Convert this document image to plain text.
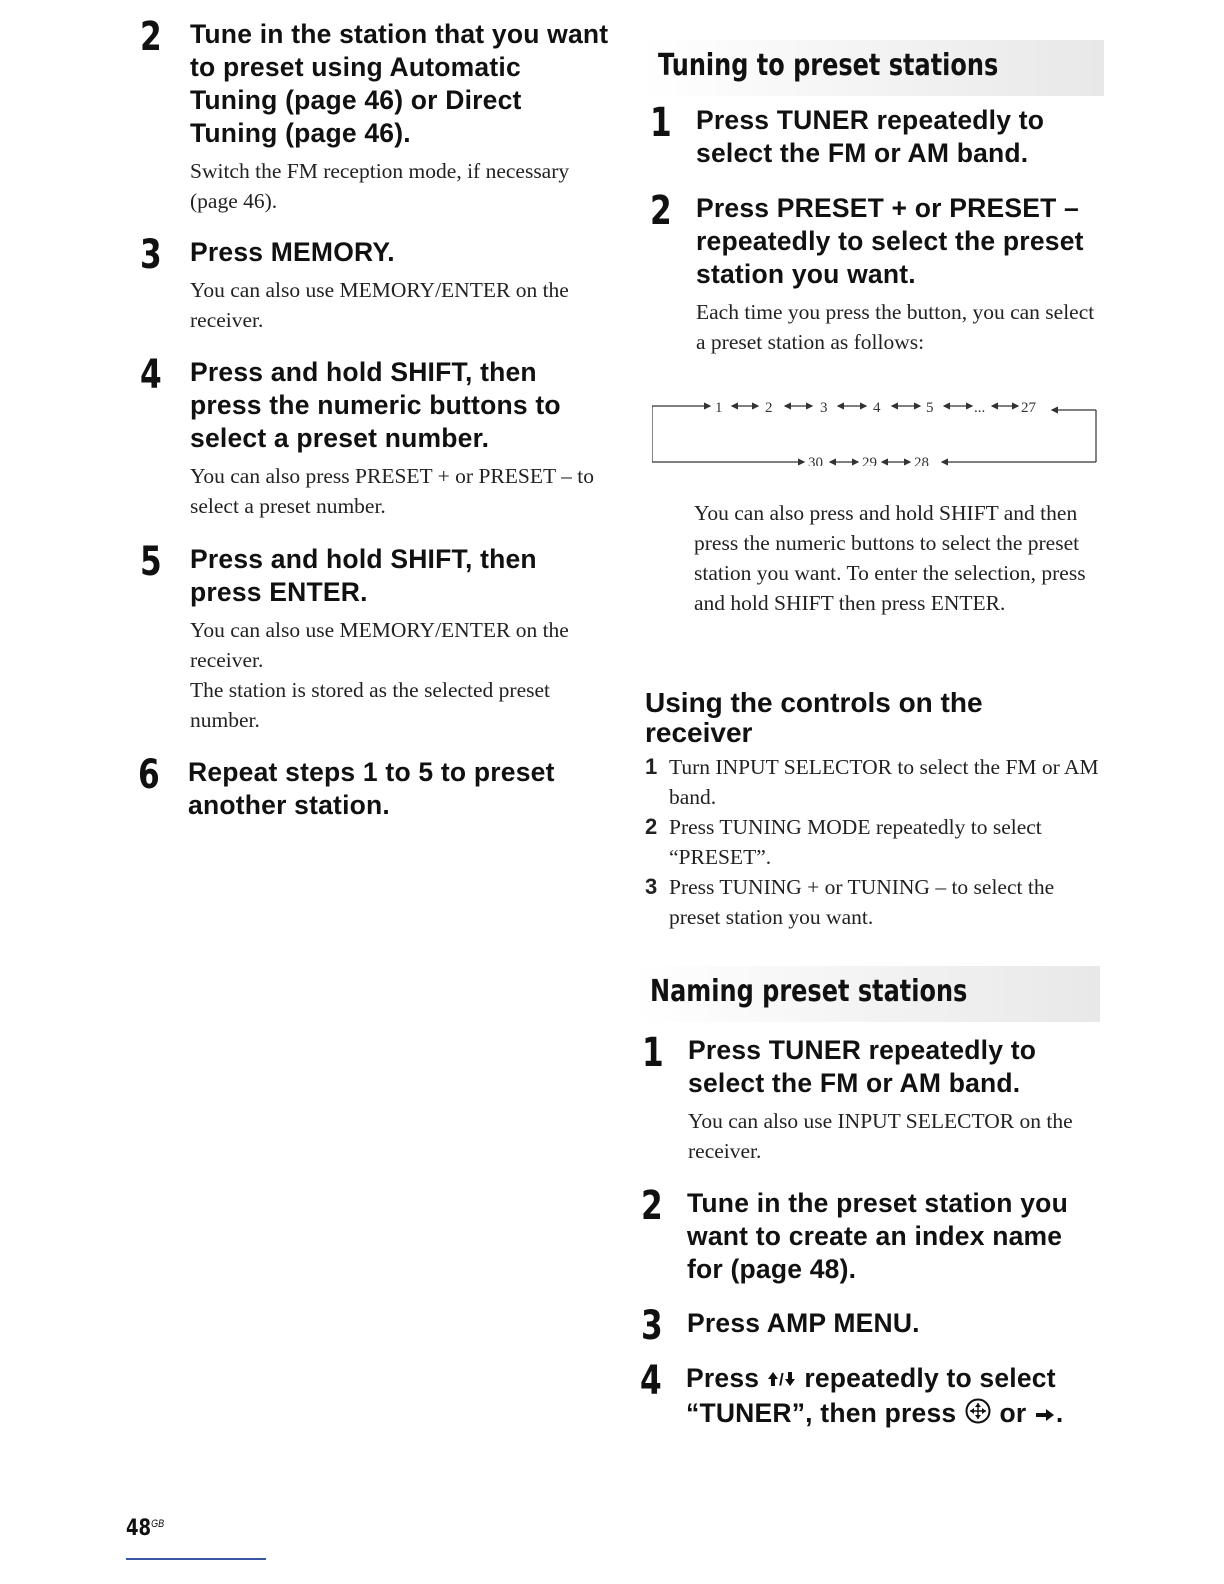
2 Tune in the station that you want to preset using Automatic Tuning (page 46) or Direct Tuning (page 46).

Switch the FM reception mode, if necessary (page 46).

3 Press MEMORY.

You can also use MEMORY/ENTER on the receiver.

4 Press and hold SHIFT, then press the numeric buttons to select a preset number.

You can also press PRESET + or PRESET – to select a preset number.

5 Press and hold SHIFT, then press ENTER.

You can also use MEMORY/ENTER on the receiver.

The station is stored as the selected preset number.

6 Repeat steps 1 to 5 to preset another station.
Tuning to preset stations
1 Press TUNER repeatedly to select the FM or AM band.
2 Press PRESET + or PRESET – repeatedly to select the preset station you want.
Each time you press the button, you can select a preset station as follows:
1	2	3	4	5	... 27
30	29 28
You can also press and hold SHIFT and then press the numeric buttons to select the preset station you want. To enter the selection, press and hold SHIFT then press ENTER.
Using the controls on the receiver
1 Turn INPUT SELECTOR to select the FM or AM band.
2 Press TUNING MODE repeatedly to select “PRESET”.
3 Press TUNING + or TUNING – to select the preset station you want.
Naming preset stations
1 Press TUNER repeatedly to select the FM or AM band.
You can also use INPUT SELECTOR on the receiver.
2 Tune in the preset station you want to create an index name for (page 48).
3 Press AMP MENU.
4 Press / repeatedly to select “TUNER”, then press  or .
$48^{GB}$
